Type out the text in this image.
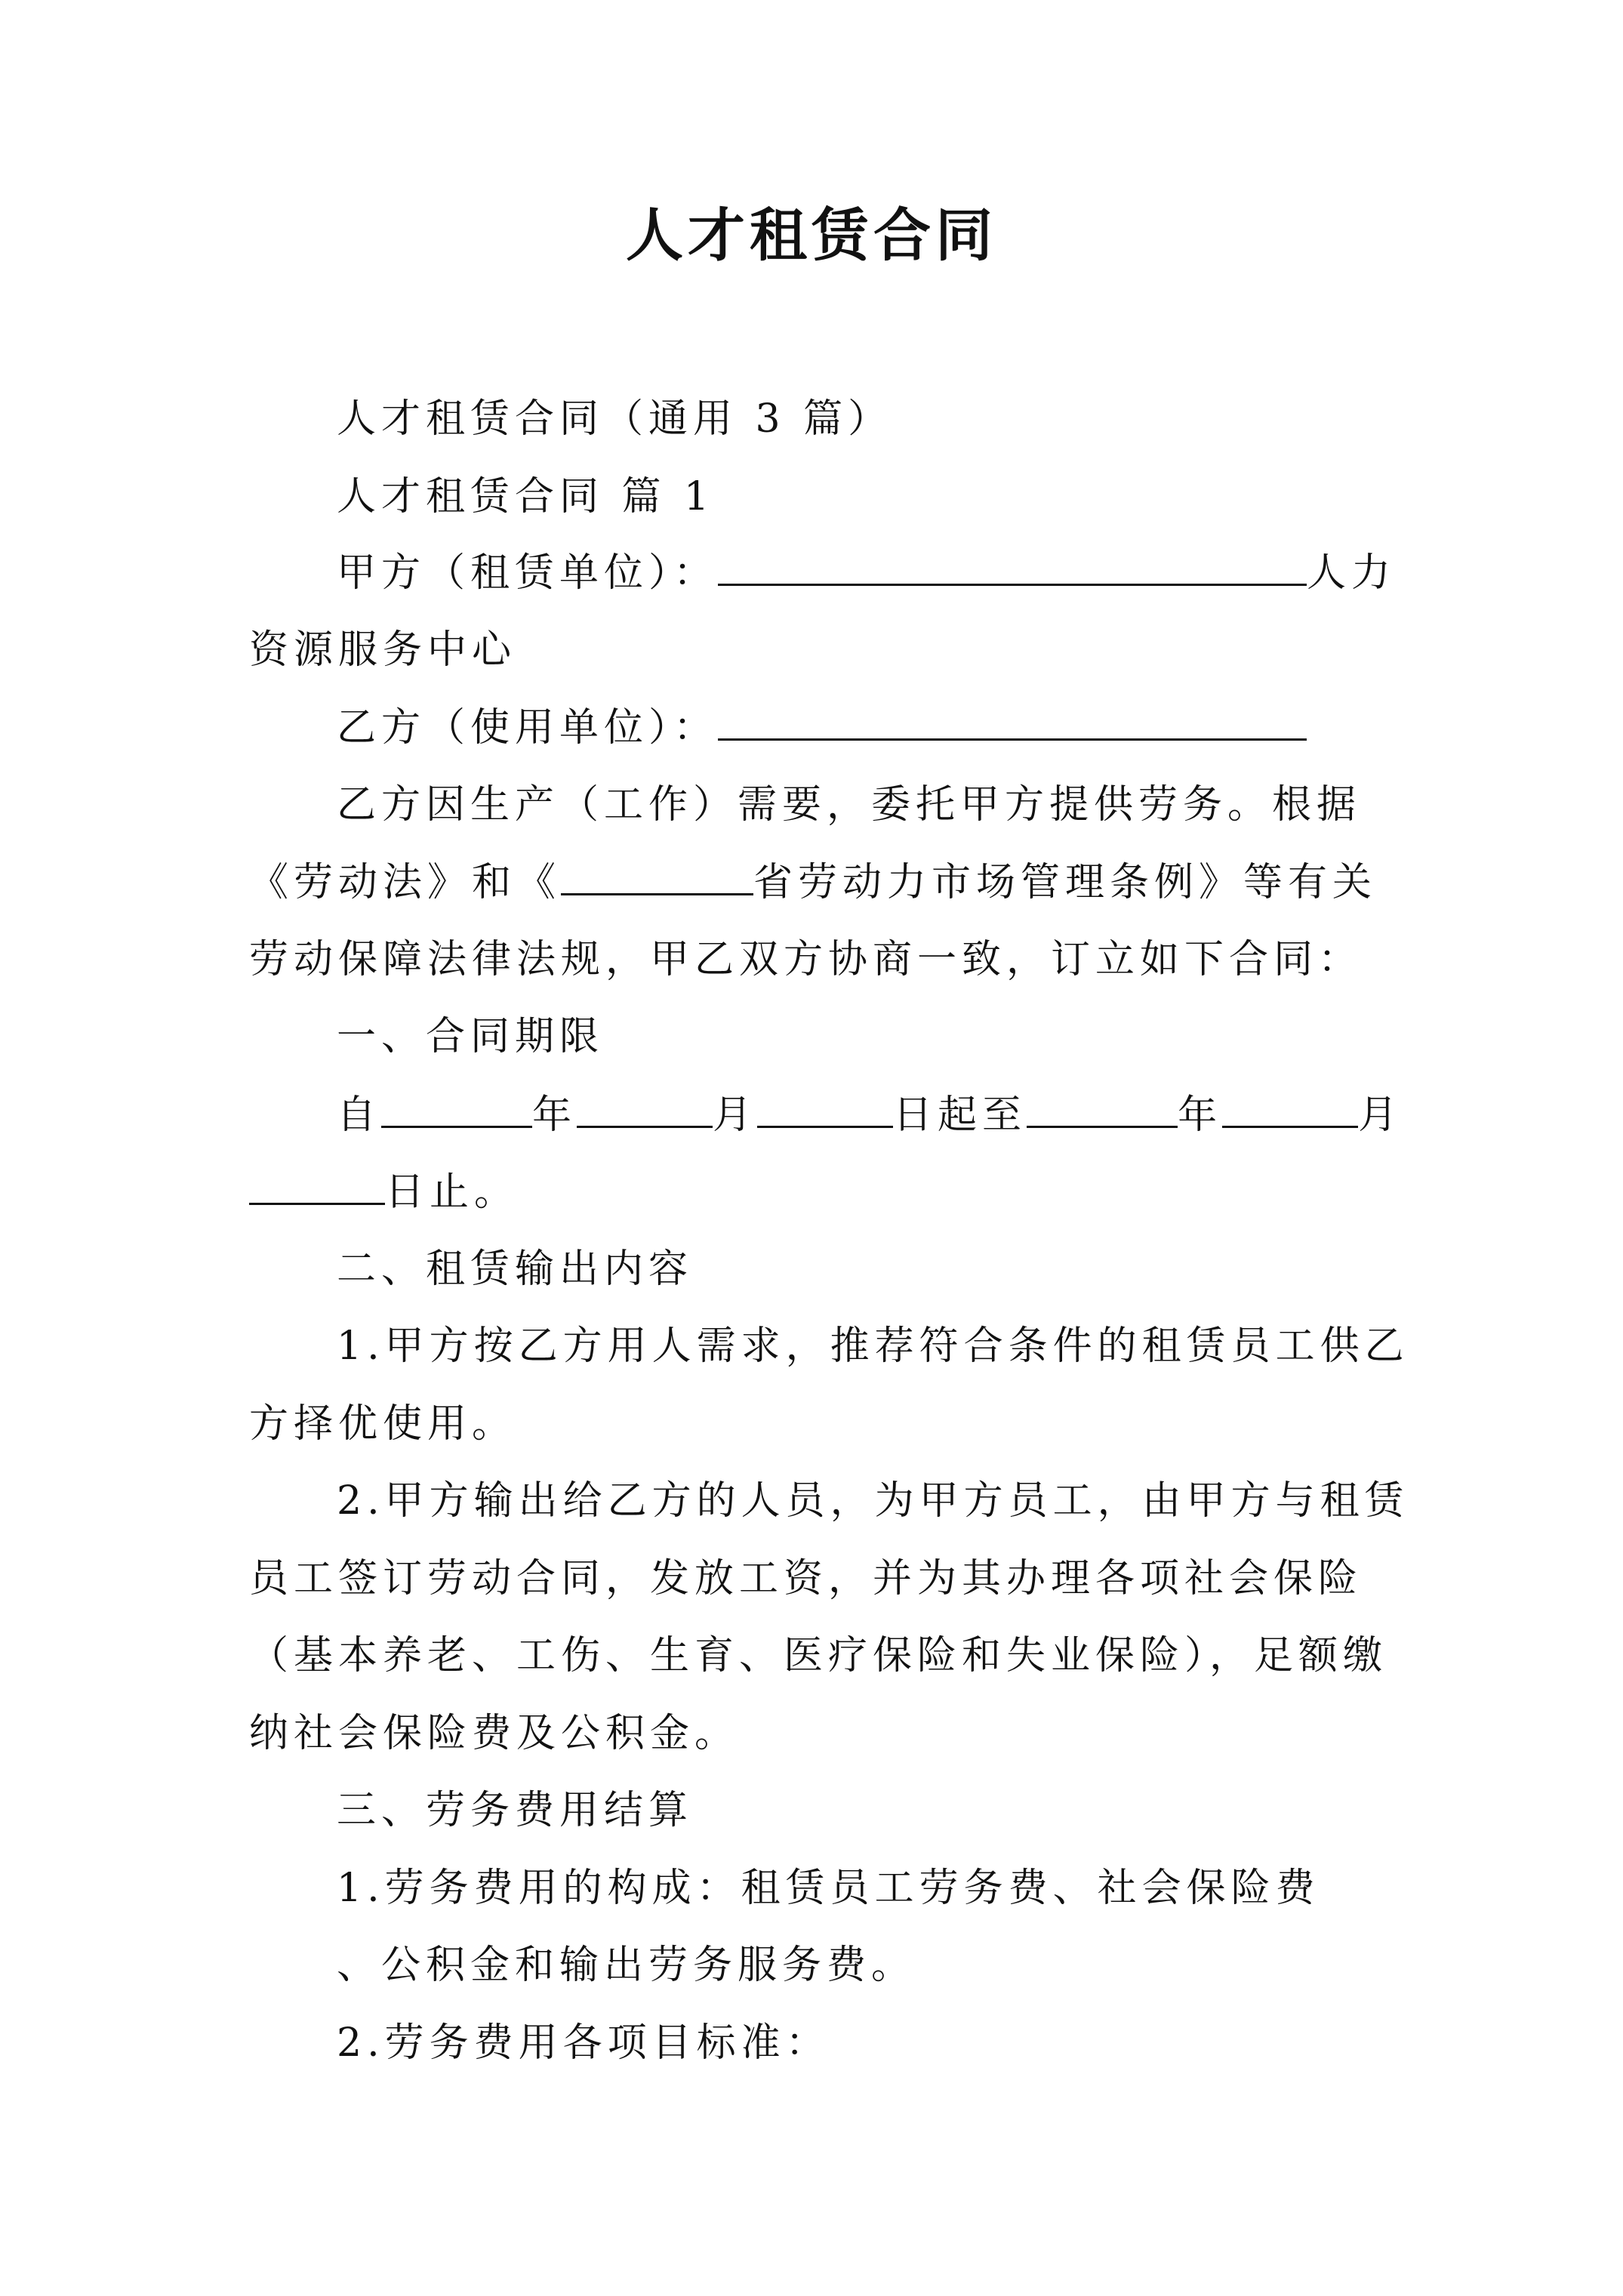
人才租赁合同
人才租赁合同（通用 3 篇）
人才租赁合同 篇 1
甲方（租赁单位）：	人力
资源服务中心
乙方（使用单位）：
乙方因生产（工作）需要，委托甲方提供劳务。根据
《劳动法》和《	省劳动力市场管理条例》等有关
劳动保障法律法规，甲乙双方协商一致，订立如下合同：
一、合同期限
自	年	月	日起至	年	月
日止。
二、租赁输出内容
1.甲方按乙方用人需求，推荐符合条件的租赁员工供乙
方择优使用。
2.甲方输出给乙方的人员，为甲方员工，由甲方与租赁
员工签订劳动合同，发放工资，并为其办理各项社会保险
（基本养老、工伤、生育、医疗保险和失业保险），足额缴
纳社会保险费及公积金。
三、劳务费用结算
1.劳务费用的构成：租赁员工劳务费、社会保险费
、公积金和输出劳务服务费。
2.劳务费用各项目标准：
